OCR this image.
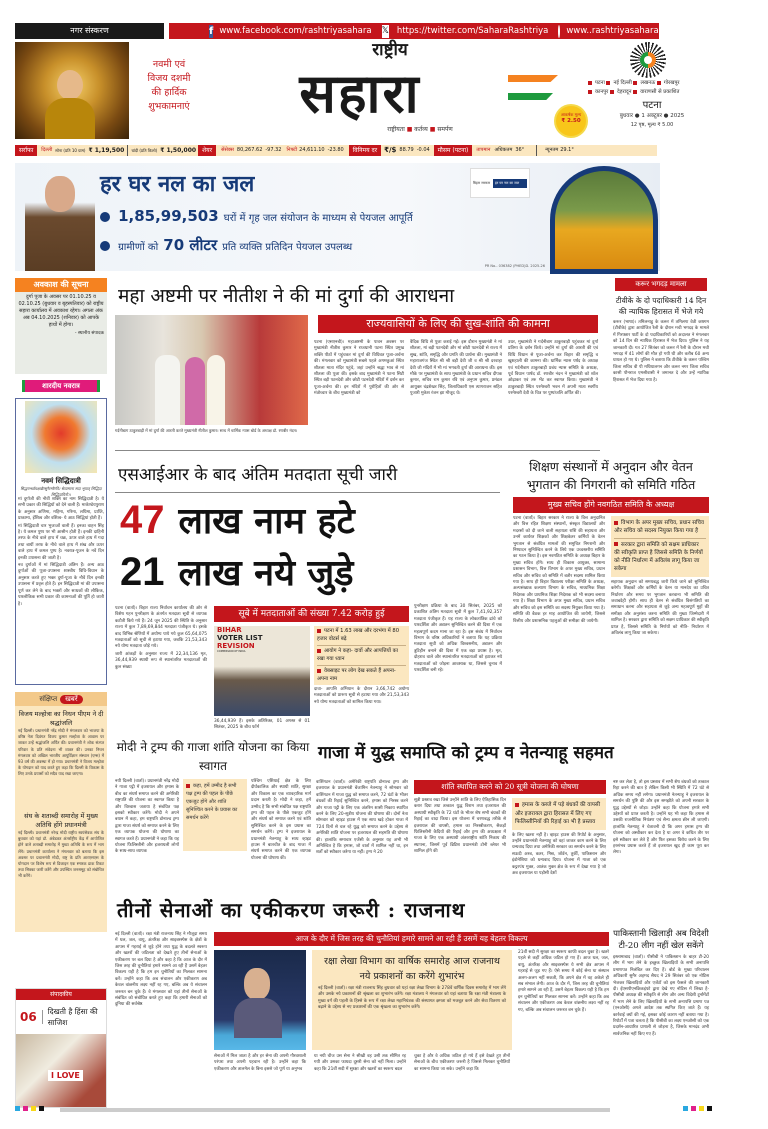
नगर संस्करण	f www.facebook.com/rashtriyasahara 𝕏 https://twitter.com/SaharaRashtriya www..rashtriyasahara.com
नवमी एवं
विजय दशमी
की हार्दिक
शुभकामनाएं
राष्ट्रीय
सहारा
राष्ट्रीयता ■ कर्तव्य ■ समर्पण
पटना नई दिल्ली लखनऊ गोरखपुर
कानपुर देहरादून वाराणसी से प्रकाशित
आकर्षक मूल्य
₹ 2.50
पटना
बुधवार ● 1 अक्टूबर ● 2025
12 पृष्ठ, मूल्य ₹ 5.00
सर्राफा	दिल्ली सोना (प्रति 10 ग्राम) ₹ 1,19,500 चांदी (प्रति किलो) ₹ 1,50,000	शेयर	सेंसेक्स 80,267.62 -97.32 निफ्टी 24,611.10 -23.80	विनिमय दर	₹/$ 88.79 -0.04	मौसम (पटना)	तापमान अधिकतम 36°	न्यूनतम 29.1°
हर घर नल का जल
1,85,99,503 घरों में गृह जल संयोजन के माध्यम से पेयजल आपूर्ति
ग्रामीणों को 70 लीटर प्रति व्यक्ति प्रतिदिन पेयजल उपलब्ध
बिहार सरकार	हर घर नल का जल
PR No.- 036382 (PHED)D. 2025-26
अवकाश की सूचना
दुर्गा पूजा के अवसर पर 01.10.25 व 02.10.25 (बुधवार व बृहस्पतिवार) को राष्ट्रीय सहारा कार्यालय में अवकाश रहेगा। अगला अंक अब 04.10.2025 (शनिवार) को आपके हाथों में होगा।
- स्थानीय संपादक
शारदीय नवरात्र
नवमं सिद्धिदात्री
सिद्धगन्धर्वयक्षाद्यैरसुरैरमरैरपि। सेव्यमाना सदा भूयात् सिद्धिदा सिद्धिदायिनी।।

मां दुर्गाजी की नौवीं शक्ति का नाम सिद्धिदात्री है। ये सभी प्रकार की सिद्धियों को देने वाली हैं। मार्कण्डेयपुराण के अनुसार अणिमा, महिमा, गरिमा, लघिमा, प्राप्ति, प्राकाम्य, ईशित्व और वशित्व- ये आठ सिद्धियां होती हैं।

मां सिद्धिदात्री चार भुजाओं वाली हैं। इनका वाहन सिंह है। ये कमल पुष्प पर भी आसीन होती हैं। इनकी दाहिनी तरफ के नीचे वाले हाथ में चक्र, ऊपर वाले हाथ में गदा तथा बायीं तरफ के नीचे वाले हाथ में शंख और ऊपर वाले हाथ में कमल पुष्प है। नवरात्र-पूजन के नवें दिन इनकी उपासना की जाती है।

नव दुर्गाओं में मां सिद्धिदात्री अंतिम हैं। अन्य आठ दुर्गाओं की पूजा-उपासना शास्त्रीय विधि-विधान के अनुसार करते हुए भक्त दुर्गा-पूजा के नौवें दिन इनकी उपासना में प्रवृत्त होते हैं। इन सिद्धिदात्री मां की उपासना पूर्ण कर लेने के बाद भक्तों और साधकों की लौकिक, पारलौकिक सभी प्रकार की कामनाओं की पूर्ति हो जाती है।

संक्षिप्त	खबरें
विजय मल्होत्रा का निधन पीएम ने दी श्रद्धांजलि
नई दिल्ली। प्रधानमंत्री नरेंद्र मोदी ने मंगलवार को भाजपा के वरिष्ठ नेता दिवंगत विजय कुमार मल्होत्रा के आवास पर जाकर उन्हें श्रद्धांजलि अर्पित की। प्रधानमंत्री ने शोक संतप्त परिवार के प्रति संवेदना भी व्यक्त की। उनका निधन मंगलवार को अखिल भारतीय आयुर्विज्ञान संस्थान (एम्स) में 93 वर्ष की अवस्था में हो गया। प्रधानमंत्री ने विजय मल्होत्रा के योगदान को याद करते हुए कहा कि दिल्ली के विकास के लिए उनके प्रयासों को सदैव याद रखा जाएगा।
संघ के शताब्दी समारोह में मुख्य अतिथि होंगे प्रधानमंत्री
नई दिल्ली। प्रधानमंत्री नरेन्द्र मोदी राष्ट्रीय स्वयंसेवक संघ के बुधवार को यहां डॉ. अंबेडकर अंतर्राष्ट्रीय केंद्र में आयोजित होने वाले शताब्दी समारोह में मुख्य अतिथि के रूप में भाग लेंगे। प्रधानमंत्री कार्यालय ने मंगलवार को बताया कि इस अवसर पर प्रधानमंत्री मोदी, राष्ट्र के प्रति आरएसएस के योगदान पर विशेष रूप से डिजाइन एक स्मारक डाक टिकट तथा सिक्का जारी करेंगे और उपस्थित जनसमूह को संबोधित भी करेंगे।
संपादकीय
06	दिखती है हिंसा की साजिश
I LOVE
महा अष्टमी पर नीतीश ने की मां दुर्गा की आराधना
गर्दनीबाग ठाकुरबाड़ी में मां दुर्गा की आरती करते मुख्यमंत्री नीतीश कुमार। साथ में धार्मिक न्यास बोर्ड के अध्यक्ष डॉ. रणबीर नंदन।
राज्यवासियों के लिए की सुख-शांति की कामना
पटना (एसएनबी)। महाअष्टमी के पावन अवसर पर मुख्यमंत्री नीतीश कुमार ने राजधानी पटना स्थित प्रमुख शक्ति पीठों में पहुंचकर मां दुर्गा की विधिवत पूजा-अर्चना की। मंगलवार को मुख्यमंत्री सबसे पहले अगमकुआं स्थित शीतला माता मंदिर पहुंचे, जहां उन्होंने श्रद्धा भाव से मां शीतला की पूजा की। इसके बाद मुख्यमंत्री ने पटना सिटी स्थित बड़ी पटनदेवी और छोटी पटनदेवी मंदिरों में दर्शन कर पूजा-अर्चना की। इन मंदिरों में पुरोहितों की ओर से मंत्रोच्चार के बीच मुख्यमंत्री को
वैदिक विधि से पूजा कराई गई। इस दौरान मुख्यमंत्री ने मां शीतला, मां बड़ी पटनदेवी और मां छोटी पटनदेवी से राज्य में सुख, शांति, समृद्धि और प्रगति की प्रार्थना की। मुख्यमंत्री ने महाराजगंज स्थित श्री श्री बड़ी देवी जी व श्री श्री दरवाहा देवी जी मंदिरों में भी मां भगवती दुर्गा की आराधना की। इस मौके पर मुख्यमंत्री के साथ मुख्यमंत्री के प्रधान सचिव दीपक कुमार, सचिव राम कुमार रवि एवं अनुपम कुमार, प्रमंडल आयुक्त चंद्रशेखर सिंह, जिलाधिकारी एस त्यागराजन सहित पुजारी मुकेश रंजन झा मौजूद थे।
उधर, मुख्यमंत्री ने गर्दनीबाग ठाकुरबाड़ी पहुंचकर मां दुर्गा प्रतिमा के दर्शन किये। उन्होंने मां दुर्गा की आरती की एवं विधि विधान से पूजा-अर्चना कर बिहार की समृद्धि व खुशहाली की कामना की। धार्मिक न्यास पर्षद के अध्यक्ष एवं गर्दनीबाग ठाकुरबाड़ी प्रबंध न्यास समिति के अध्यक्ष, पूर्व विधान पार्षद डॉ. रणबीर नंदन ने मुख्यमंत्री को शॉल ओढ़ाकर एवं तरु भेंट कर स्वागत किया। मुख्यमंत्री ने ठाकुरबाड़ी स्थित परमेश्वरी भवन में अपनी माता स्वर्गीय परमेश्वरी देवी के चित्र पर पुष्पांजलि अर्पित की।
करूर भगदड़ मामला
टीवीके के दो पदाधिकारी 14 दिन की न्यायिक हिरासत में भेजे गये
करूर (भाषा)। तमिलनाडु के करूर में तमिलगा वेत्री कषगम (टीवीके) द्वारा आयोजित रैली के दौरान मची भगदड़ के मामले में गिरफ्तार पार्टी के दो पदाधिकारियों को अदालत ने मंगलवार को 14 दिन की न्यायिक हिरासत में भेज दिया। पुलिस ने यह जानकारी दी। गत 27 सितंबर को करूर में रैली के दौरान मची भगदड़ में 41 लोगों की मौत हो गयी थी और करीब 60 अन्य घायल हो गए थे। पुलिस ने बताया कि टीवीके के करूर पश्चिम जिला सचिव वी पी मथियालगन और करूर नगर जिला सचिव कासी पौनराज एमसीवासी ने जमानत दे और उन्हें न्यायिक हिरासत में भेज दिया गया है।
एसआईआर के बाद अंतिम मतदाता सूची जारी
47 लाख नाम हटे
21 लाख नये जुड़े

पटना (वार्ता)। बिहार राज्य निर्वाचन कार्यालय की ओर से विशेष गहन पुनरीक्षण के अंतर्गत मतदाता सूची से व्यापक कटौती किये गये हैं। 24 जून 2025 की स्थिति के अनुसार राज्य में कुल 7,89,69,844 मतदाता पंजीकृत थे। इसके बाद विभिन्न श्रेणियों में अयोग्य पाये गये कुल 65,64,075 मतदाताओं को सूची से हटाया गया, जबकि 21,53,343 नये योग्य मतदाता जोड़े गये।

जारी आंकड़ों के अनुसार राज्य में 22,34,136 मृत, 36,44,939 स्थायी रूप से स्थानांतरित मतदाताओं की कुल संख्या

सूबे में मतदाताओं की संख्या 7.42 करोड़ हुई
BIHAR
VOTER LIST
REVISION
COMMISSION OF INDIA
36,44,939 हैं। इसके अतिरिक्त, 01 अगस्त से 01 सितंबर, 2025 के बीच फॉर्म
पटना में 1.63 लाख और दरभंगा में 80 हजार वोटर्स बढ़े
आयोग ने कहा- दावों और आपत्तियों का रखा गया ध्यान
वेबसाइट पर लोग देख सकते हैं अपना-अपना नाम
दावा- आपत्ति अभियान के दौरान 3,66,742 अयोग्य मतदाताओं को प्रारूप सूची से हटाया गया और 21,53,343 नये योग्य मतदाताओं को शामिल किया गया।
पुनरीक्षण प्रक्रिया के बाद 30 सितंबर, 2025 को प्रकाशित अंतिम मतदाता सूची में कुल 7,41,92,357 मतदाता पंजीकृत हैं। यह राज्य के लोकतांत्रिक ढांचे को पारदर्शिता और अद्यतन सुनिश्चित करने की दिशा में एक महत्वपूर्ण कदम माना जा रहा है। इस संबंध में निर्वाचन विभाग के वरिष्ठ अधिकारियों ने बताया कि यह प्रक्रिया मतदाता सूची को अधिक विश्वसनीय, अद्यतन और त्रुटिहीन बनाने की दिशा में एक बड़ा प्रयास है। मृत, दोहराव वाले और स्थानांतरित मतदाताओं को हटाकर नये मतदाताओं को जोड़ना आवश्यक था, जिससे चुनाव में पारदर्शिता बनी रहे।
शिक्षण संस्थानों में अनुदान और वेतन भुगतान की निगरानी को समिति गठित
मुख्य सचिव होंगे नवगठित समिति के अध्यक्ष
पटना (वार्ता)। बिहार सरकार ने राज्य के वित्त अनुदानित और वित्त रहित शिक्षण संस्थानों, संस्कृत विद्यालयों और मदरसों को दी जाने वाली सहायता राशि की सहायता और उनमें कार्यरत शिक्षकों और शिक्षकेतर कर्मियों के वेतन भुगतान से संबंधित मामलों की समुचित निगरानी और निष्पादन सुनिश्चित करने के लिये एक उच्चस्तरीय समिति का गठन किया है। इस नवगठित समिति के अध्यक्ष बिहार के मुख्य सचिव होंगे। साथ ही विकास आयुक्त, सामान्य प्रशासन विभाग, वित्त विभाग के अपर मुख्य सचिव, प्रधान सचिव और सचिव को समिति में बतौर सदस्य शामिल किया गया है। साथ ही बिहार विद्यालय परीक्षा समिति के अध्यक्ष, अल्पसंख्यक कल्याण विभाग के सचिव, माध्यमिक शिक्षा निदेशक और प्राथमिक शिक्षा निदेशक को भी सदस्य बनाया गया है। शिक्षा विभाग के अपर मुख्य सचिव, प्रधान सचिव और सचिव को इस समिति का सदस्य नियुक्त किया गया है। समिति की बैठक हर माह आयोजित की जायेगी, जिससे वित्तीय और प्रशासनिक पहलुओं की समीक्षा की जायेगी।
विभाग के अपर मुख्य सचिव, प्रधान सचिव और सचिव को सदस्य नियुक्त किया गया है
सरकार द्वारा समिति को सक्षम प्राधिकार की स्वीकृति प्राप्त है जिससे समिति के निर्णयों को नीति निर्धारण में अविलंब लागू किया जा सकेगा
सहायक अनुदान को समयबद्ध जारी किये जाने को सुनिश्चित करेगी। शिक्षकों और कर्मियों के वेतन या मानदेय का उचित निर्धारण और समय पर भुगतान करवाना भी समिति की जवाबदेही होगी। साथ ही वेतन से संबंधित विसंगतियों का समाधान करना और सहायता से जुड़े अन्य महत्वपूर्ण मुद्दों की समीक्षा और अनुशंसा करना समिति की मुख्य जिम्मेदारी में शामिल है। सरकार द्वारा समिति को सक्षम प्राधिकार की स्वीकृति प्राप्त है, जिससे समिति के निर्णयों को नीति- निर्धारण में अविलंब लागू किया जा सकेगा।
मोदी ने ट्रम्प की गाजा शांति योजना का किया स्वागत
नयी दिल्ली (वार्ता)। प्रधानमंत्री नरेंद्र मोदी ने गाजा पट्टी में इजरायल और हमास के बीच का संघर्ष समाप्त करने की अमेरिकी राष्ट्रपति की योजना का स्वागत किया है और विश्वास जताया है संबंधित पक्ष इसको स्वीकार करेंगे। मोदी ने अपने बयान में कहा, हम राष्ट्रपति डोनाल्ड ट्रम्प द्वारा गाजा संघर्ष को समाप्त करने के लिए एक व्यापक योजना की घोषणा का स्वागत करते हैं। प्रधानमंत्री ने कहा कि यह योजना फिलिस्तीनी और इजरायली लोगों के साथ-साथ व्यापक
कहा, हमें उम्मीद है सभी पक्ष ट्रम्प की पहल के पीछे एकजुट होंगे और शांति सुनिश्चित करने के प्रयास का समर्थन करेंगे
पश्चिम एशियाई क्षेत्र के लिए दीर्घकालिक और स्थायी शांति, सुरक्षा और विकास का एक व्यावहारिक मार्ग प्रदान करती है। मोदी ने कहा, हमें उम्मीद है कि सभी संबंधित पक्ष राष्ट्रपति ट्रम्प की पहल के पीछे एकजुट होंगे और संघर्ष को समाप्त करने एवं शांति सुनिश्चित करने के इस प्रयास का समर्थन करेंगे। ट्रम्प ने इजरायल के प्रधानमंत्री नेतन्याहू के साथ व्हाइट हाउस में बातचीत के बाद गाजा में संघर्ष समाप्त करने की एक व्यापक योजना की घोषणा की।
गाजा में युद्ध समाप्ति को ट्रम्प व नेतन्याहू सहमत
वाशिंगटन (वार्ता)। अमेरिकी राष्ट्रपति डोनाल्ड ट्रम्प और इजरायल के प्रधानमंत्री बेंजामिन नेतन्याहू ने सोमवार को वाशिंगटन में गाजा युद्ध को समाप्त करने, 72 घंटों के भीतर बंधकों की रिहाई सुनिश्चित करने, हमास को निरस्त्र करने और गाजा पट्टी के लिए एक अंतरिम शासी निकाय स्थापित करने के लिए 20-सूत्रीय योजना की घोषणा की। दोनों नेता सोमवार को व्हाइट हाउस में एक साथ खड़े होकर गाजा में 724 दिनों से चल रहे युद्ध को समाप्त करने के उद्देश्य से अमेरिकी शांति योजना पर इजरायल की सहमति की घोषणा की। हालांकि समाचार एजेंसी के अनुसार यह अभी भी अनिश्चित है कि हमास, जो वार्ता में शामिल नहीं था, इन शर्तों को स्वीकार करेगा या नहीं। ट्रम्प ने 20
शांति स्थापित करने को 20 सूत्री योजना की घोषणा
सूत्री प्रस्ताव रखा जिसे उन्होंने शांति के लिए ऐतिहासिक दिन करार दिया तथा तत्काल युद्ध विराम तथा इजरायल की अस्थायी स्वीकृति के 72 घंटों के भीतर शेष सभी बंधकों की रिहाई का वादा किया। इस योजना में चरणबद्ध तरीके से इजरायल की वापसी, हमास का निरस्त्रीकरण, सैकड़ों फिलिस्तीनी कैदियों की रिहाई और ट्रम्प की अध्यक्षता में गाजा के लिए एक अस्थायी अंतरराष्ट्रीय शांति निकाय की स्थापना, जिसमें पूर्व ब्रिटिश प्रधानमंत्री टोनी ब्लेयर भी शामिल होंगे की
हमास के कब्जे में पड़े बंधकों की वापसी और इजरायल द्वारा हिरासत में लिए गए फिलिस्तीनियों की रिहाई का भी है प्रस्ताव
के लिए खतरा नहीं है। व्हाइट हाउस की रिपोर्ट के अनुसार, उन्होंने प्रधानमंत्री नेतन्याहू को वहां जाकर काम करने के लिए धन्यवाद दिया तथा अमेरिकी सरकार का समर्थन करने के लिए सऊदी अरब, कतर, मिस्र, जॉर्डन, तुर्की, पाकिस्तान और इंडोनेशिया को धन्यवाद दिया। योजना में गाजा को एक कट्टरपंथ मुक्त, आतंक मुक्त क्षेत्र के रूप में देखा गया है जो अब इजरायल या पड़ोसी देशों
नष्ट कर लेता है, तो इस प्रस्ताव में सभी शेष बंधकों को तत्काल रिहा करने की बात है लेकिन किसी भी स्थिति में 72 घंटे से अधिक समय नहीं लगेगा। प्रधानमंत्री नेतन्याहू ने इजरायल के समर्थन की पुष्टि की और इस समझौते को अपनी सरकार के युद्ध उद्देश्यों से जोड़ा। उन्होंने कहा कि योजना हमारे सभी उद्देश्यों को प्राप्त करती है। उन्होंने यह भी कहा कि हमास से उसकी राजनीतिक नियंत्रण एवं सैन्य क्षमता छीन ली जाएगी। हालांकि नेतन्याहू ने चेतावनी दी कि अगर हमास ट्रम्प की योजना को अस्वीकार कर देता है या अगर वे कथित तौर पर इसे स्वीकार कर लेते हैं और फिर इसका विरोध करने के लिए हरसंभव प्रयास करते हैं तो इजरायल खुद ही काम पूरा कर लेगा।
पाकिस्तानी खिलाड़ी अब विदेशी टी-20 लीग नहीं खेल सकेंगे
इस्लामाबाद (वार्ता)। पीसीबी ने पाकिस्तान के बाहर टी-20 लीग में भाग लेने के इच्छुक खिलाड़ियों के सभी अनापत्ति प्रमाणपत्र निलंबित कर दिए हैं। बोर्ड के मुख्य परिचालन अधिकारी सुमैर अहमद सैयद ने 29 सितंबर को एक नोटिस भेजकर खिलाड़ियों और एजेंटों को इस फैसले की जानकारी दी। ईएसपीएनक्रिकइंफो द्वारा देखे गए नोटिस में लिखा है- पीसीबी अध्यक्ष की स्वीकृति से लीग और अन्य विदेशी टूर्नामेंटों में भाग लेने के लिए खिलाड़ियों के सभी अनापत्ति प्रमाण पत्र (एनओसी) अगले आदेश तक स्थगित किए जाते हैं। यह कार्रवाई क्यों की गई, इसका कोई कारण नहीं बताया गया है। रिपोर्टों में पता चलता है कि पीसीबी का लक्ष्य एनओसी को एक प्रदर्शन-आधारित प्रणाली से जोड़ना है, जिसके मानदंड अभी सार्वजनिक नहीं किए गए हैं।
तीनों सेनाओं का एकीकरण जरूरी : राजनाथ
नई दिल्ली (वार्ता)। रक्षा मंत्री राजनाथ सिंह ने मौजूदा समय में थल, जल, वायु, अंतरिक्ष और साइबरस्पेस के क्षेत्रों के आपस में गहराई से जुड़े होने तथा युद्ध के बदलते स्वरूप और खतरों की जटिलता को देखते हुए तीनों सेनाओं के एकीकरण पर बल दिया है और कहा है कि आज के दौर में जिस तरह की चुनौतियां हमारे सामने आ रही हैं उसमें बेहतर विकल्प यही है कि हम इन चुनौतियों का मिलकर सामना करें। उन्होंने कहा कि अब संचालन और एकीकरण अब केवल वांछनीय लक्ष्य नहीं रह गए, बल्कि अब ये संचालन जरूरत बन चुके हैं। वे मंगलवार को यहां तीनों सेनाओं के संबंधित को संबोधित करते हुए कहा कि हमारी सेनाओं को दुनिया की सर्वश्रेष्ठ
आज के दौर में जिस तरह की चुनौतियां हमारे सामने आ रही हैं उसमें यह बेहतर विकल्प
रक्षा लेखा विभाग का वार्षिक समारोह आज राजनाथ नये प्रकाशनों का करेंगे शुभारंभ
नई दिल्ली (वार्ता)। रक्षा मंत्री राजनाथ सिंह बुधवार को यहां रक्षा लेखा विभाग के 278वें वार्षिक दिवस समारोह में भाग लेंगे और उसके नये प्रकाशनों की श्रृंखला का शुभारंभ करेंगे। रक्षा मंत्रालय ने मंगलवार को यहां बताया कि रक्षा मंत्री मंत्रालय के मुख्य वर्ग की पहली के हिस्से के रूप में रक्षा लेखा महानियंत्रक की संस्थागत क्षमता को मजबूत करने और सेवा वितरण को बढ़ाने के उद्देश्य से नए प्रकाशनों की एक श्रृंखला का शुभारंभ करेंगे।
सेनाओं में मिल जाता है और हर सेना की अपनी गौरवशाली परंपरा तथा अपनी पहचान रही है। उन्होंने कहा कि एकीकरण और तालमेल के बिना इससे जो पूर्ण या अनुभव
या नयी चीज उस सेना ने सीखी वह उसी तक सीमित रह गयी और उसका फायदा दूसरी सेना को नहीं मिला। उन्होंने कहा कि 21वीं सदी में सुरक्षा और खतरों का स्वरूप बदल
चुका है और वे अधिक जटिल हो गये हैं इसे देखते हुए तीनों सेनाओं के बीच एकीकरण जरूरी है जिससे मिलकर चुनौतियों का सामना किया जा सके। उन्होंने कहा कि
21वीं सदी में सुरक्षा का स्वरूप काफी बदल चुका है। खतरे पहले से कहीं अधिक जटिल हो गए हैं। आज थल, जल, वायु, अंतरिक्ष और साइबरस्पेस ये सभी क्षेत्र आपस में गहराई से जुड़ गए हैं। ऐसे समय में कोई सेना या संस्थान अलग-अलग नहीं सकती, कि अपने क्षेत्र में वह अकेले ही सब संभाल लेगी। आज के दौर में, जिस तरह की चुनौतियां हमारे सामने आ रही हैं, उसमें बेहतर विकल्प यही है कि हम इन चुनौतियों का मिलकर सामना करें। उन्होंने कहा कि अब संचालन और एकीकरण अब केवल वांछनीय लक्ष्य नहीं रह गए, बल्कि अब संचालन जरूरत बन चुके हैं।
